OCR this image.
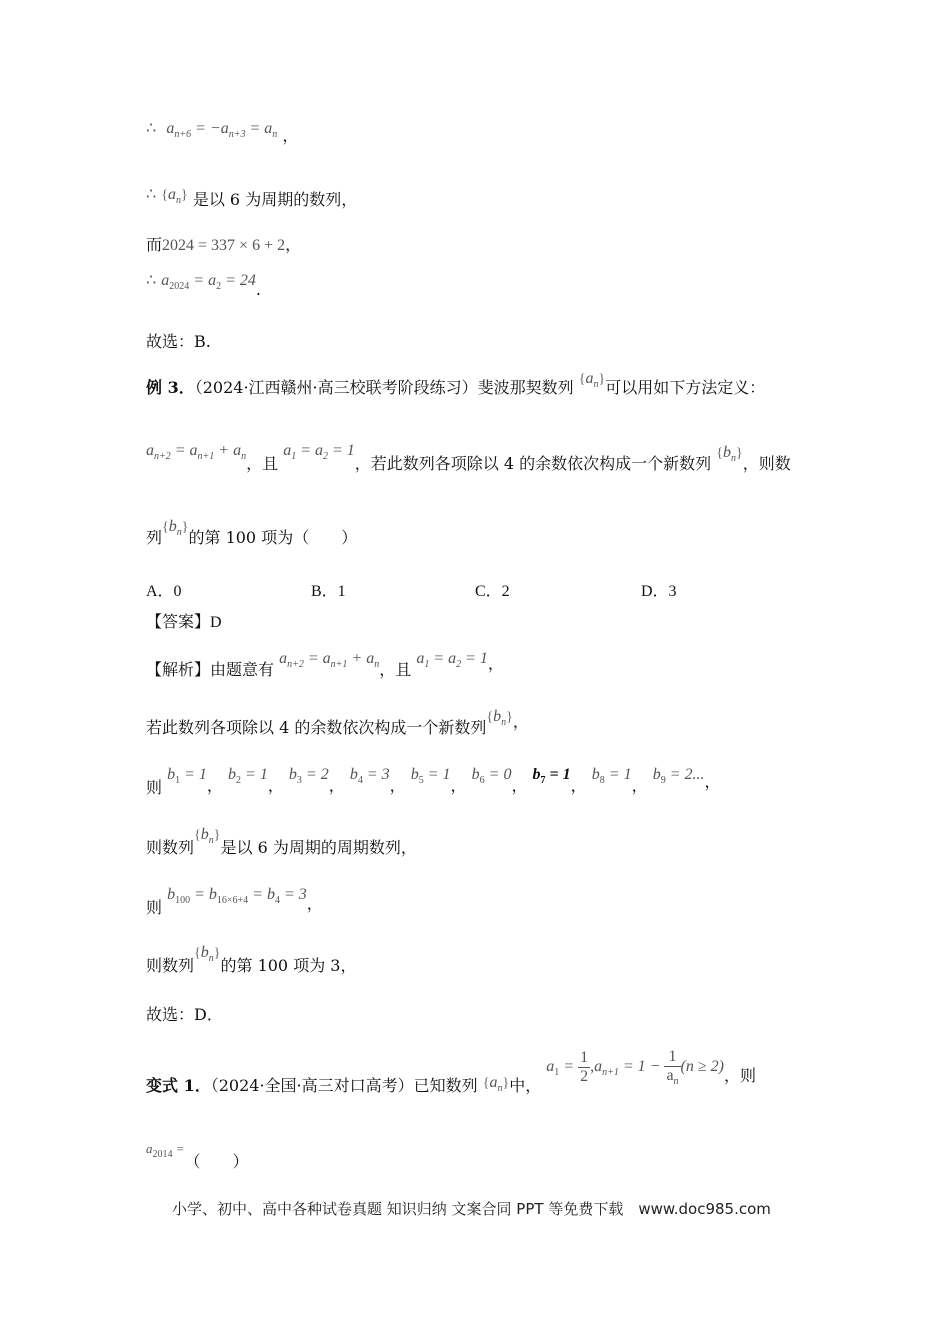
∴ $a_{n+6} = -a_{n+3} = a_n$ ，
∴ $\{a_n\}$ 是以 6 为周期的数列，
而2024 = 337 × 6 + 2，
∴ $a_{2024} = a_2 = 24$.
故选：B.
例 3．（2024·江西赣州·高三校联考阶段练习）斐波那契数列 $\{a_n\}$可以用如下方法定义：
$a_{n+2} = a_{n+1} + a_n$，且 $a_1 = a_2 = 1$，若此数列各项除以 4 的余数依次构成一个新数列 $\{b_n\}$，则数
列$\{b_n\}$的第 100 项为（　　）
A．0	B．1	C．2	D．3
【答案】D
【解析】由题意有 $a_{n+2} = a_{n+1} + a_n$，且 $a_1 = a_2 = 1$，
若此数列各项除以 4 的余数依次构成一个新数列$\{b_n\}$，
则 $b_1 = 1$， $b_2 = 1$， $b_3 = 2$， $b_4 = 3$， $b_5 = 1$， $b_6 = 0$， $b_7 = 1$， $b_8 = 1$， $b_9 = 2$...，
则数列$\{b_n\}$是以 6 为周期的周期数列，
则 $b_{100} = b_{16\times 6+4} = b_4 = 3$，
则数列$\{b_n\}$的第 100 项为 3，
故选：D．
变式 1．（2024·全国·高三对口高考）已知数列 $\{a_n\}$中， $a_1 = \frac{1}{2} ,a_{n+1} = 1 - \frac{1}{a_n} (n \ge 2)$，则
$a_{2014}$ =（　　）
小学、初中、高中各种试卷真题 知识归纳 文案合同 PPT 等免费下载　www.doc985.com
